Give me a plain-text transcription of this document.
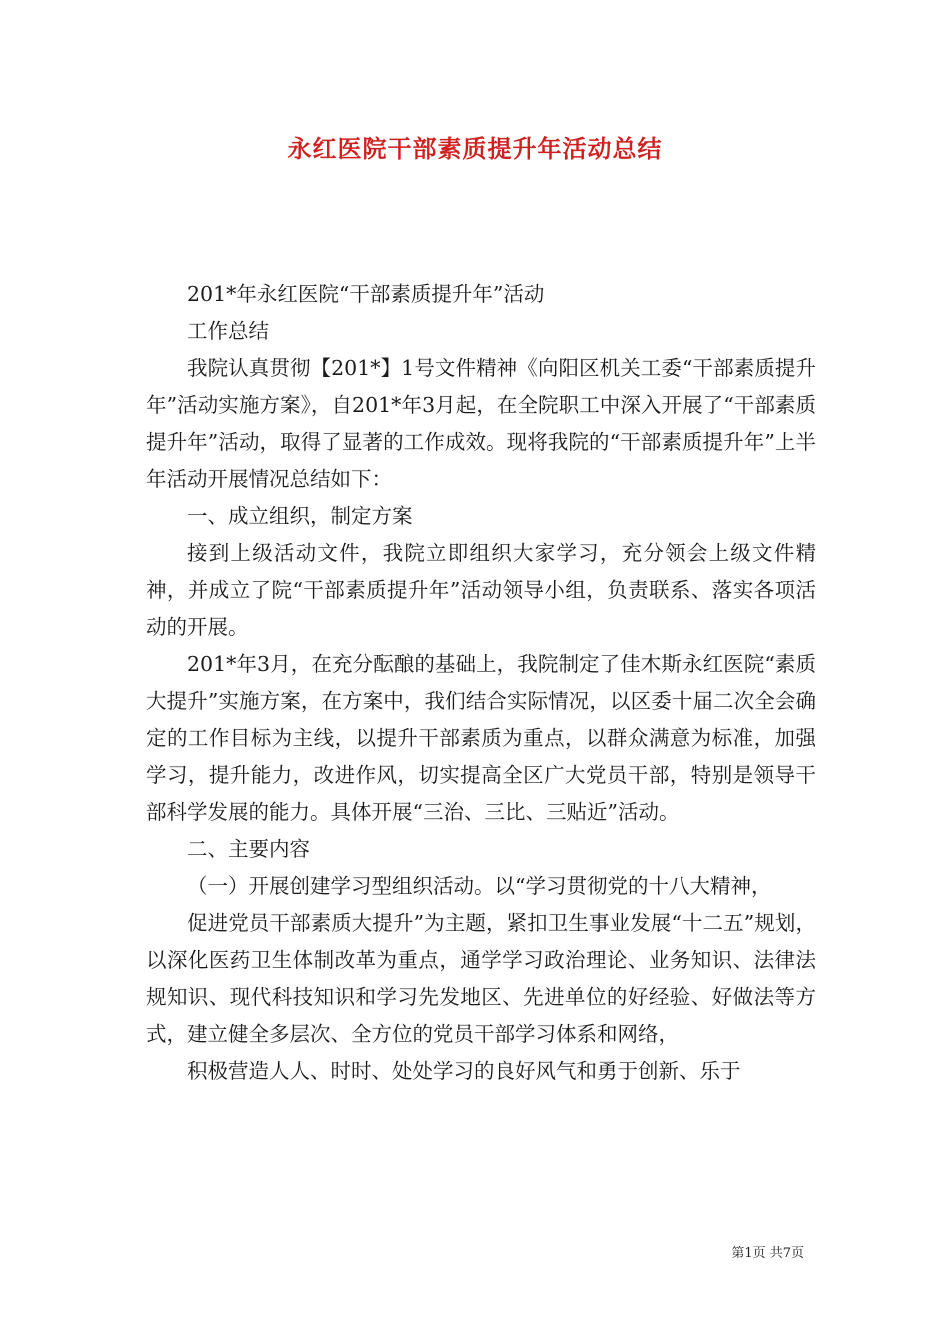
永红医院干部素质提升年活动总结

201*年永红医院“干部素质提升年”活动

工作总结

我院认真贯彻【201*】1号文件精神《向阳区机关工委“干部素质提升年”活动实施方案》，自201*年3月起，在全院职工中深入开展了“干部素质提升年”活动，取得了显著的工作成效。现将我院的“干部素质提升年”上半年活动开展情况总结如下：

一、成立组织，制定方案

接到上级活动文件，我院立即组织大家学习，充分领会上级文件精神，并成立了院“干部素质提升年”活动领导小组，负责联系、落实各项活动的开展。

201*年3月，在充分酝酿的基础上，我院制定了佳木斯永红医院“素质大提升”实施方案，在方案中，我们结合实际情况，以区委十届二次全会确定的工作目标为主线，以提升干部素质为重点，以群众满意为标准，加强学习，提升能力，改进作风，切实提高全区广大党员干部，特别是领导干部科学发展的能力。具体开展“三治、三比、三贴近”活动。

二、主要内容

（一）开展创建学习型组织活动。以“学习贯彻党的十八大精神，

促进党员干部素质大提升”为主题，紧扣卫生事业发展“十二五”规划，以深化医药卫生体制改革为重点，通学学习政治理论、业务知识、法律法规知识、现代科技知识和学习先发地区、先进单位的好经验、好做法等方式，建立健全多层次、全方位的党员干部学习体系和网络，

积极营造人人、时时、处处学习的良好风气和勇于创新、乐于

第1页 共7页
